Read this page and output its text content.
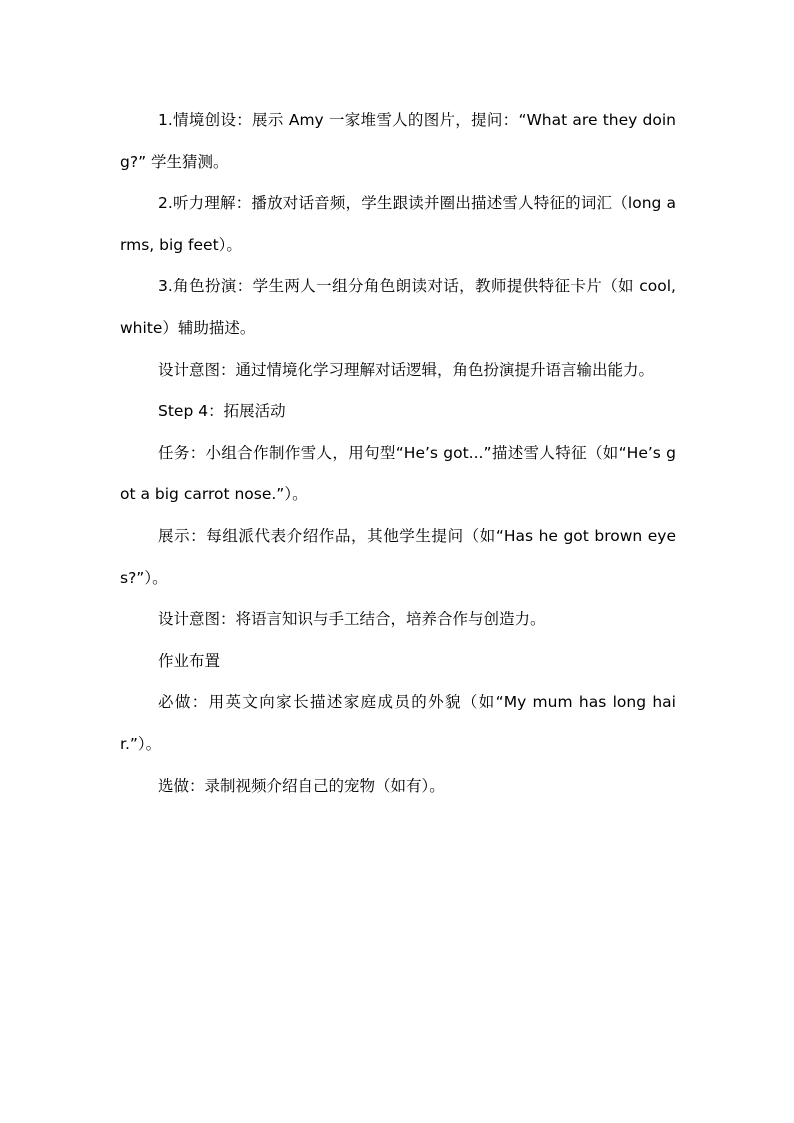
1.情境创设：展示 Amy 一家堆雪人的图片，提问：“What are they doing?” 学生猜测。

2.听力理解：播放对话音频，学生跟读并圈出描述雪人特征的词汇（long arms, big feet）。

3.角色扮演：学生两人一组分角色朗读对话，教师提供特征卡片（如 cool, white）辅助描述。

设计意图：通过情境化学习理解对话逻辑，角色扮演提升语言输出能力。

Step 4：拓展活动

任务：小组合作制作雪人，用句型“He’s got...”描述雪人特征（如“He’s got a big carrot nose.”）。

展示：每组派代表介绍作品，其他学生提问（如“Has he got brown eyes?”）。

设计意图：将语言知识与手工结合，培养合作与创造力。

作业布置

必做：用英文向家长描述家庭成员的外貌（如“My mum has long hair.”）。

选做：录制视频介绍自己的宠物（如有）。
